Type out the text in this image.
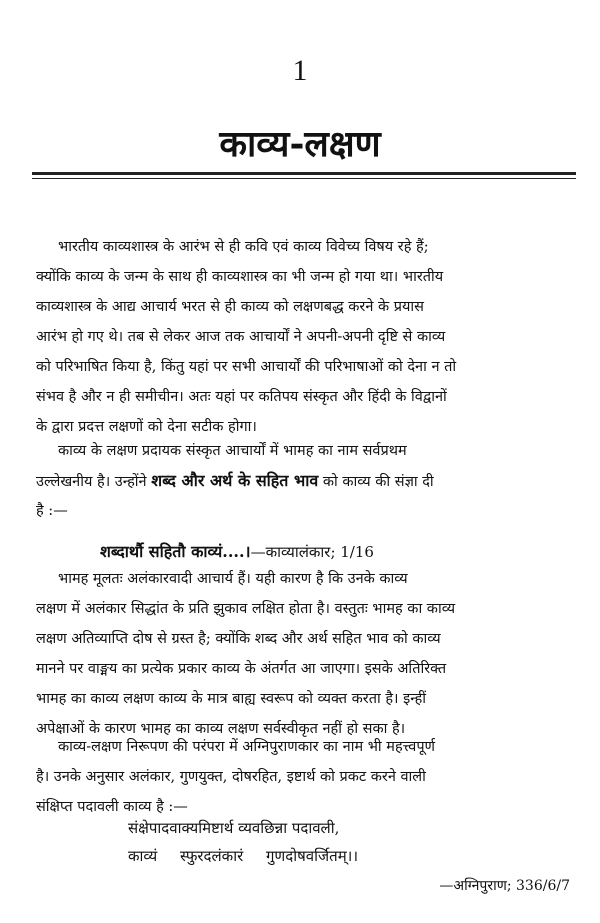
1
काव्य-लक्षण
भारतीय काव्यशास्त्र के आरंभ से ही कवि एवं काव्य विवेच्य विषय रहे हैं;
क्योंकि काव्य के जन्म के साथ ही काव्यशास्त्र का भी जन्म हो गया था। भारतीय
काव्यशास्त्र के आद्य आचार्य भरत से ही काव्य को लक्षणबद्ध करने के प्रयास
आरंभ हो गए थे। तब से लेकर आज तक आचार्यों ने अपनी-अपनी दृष्टि से काव्य
को परिभाषित किया है, किंतु यहां पर सभी आचार्यों की परिभाषाओं को देना न तो
संभव है और न ही समीचीन। अतः यहां पर कतिपय संस्कृत और हिंदी के विद्वानों
के द्वारा प्रदत्त लक्षणों को देना सटीक होगा।
काव्य के लक्षण प्रदायक संस्कृत आचार्यों में भामह का नाम सर्वप्रथम
उल्लेखनीय है। उन्होंने शब्द और अर्थ के सहित भाव को काव्य की संज्ञा दी
है :—
शब्दार्थौ सहितौ काव्यं....।—काव्यालंकार; 1/16
भामह मूलतः अलंकारवादी आचार्य हैं। यही कारण है कि उनके काव्य
लक्षण में अलंकार सिद्धांत के प्रति झुकाव लक्षित होता है। वस्तुतः भामह का काव्य
लक्षण अतिव्याप्ति दोष से ग्रस्त है; क्योंकि शब्द और अर्थ सहित भाव को काव्य
मानने पर वाङ्मय का प्रत्येक प्रकार काव्य के अंतर्गत आ जाएगा। इसके अतिरिक्त
भामह का काव्य लक्षण काव्य के मात्र बाह्य स्वरूप को व्यक्त करता है। इन्हीं
अपेक्षाओं के कारण भामह का काव्य लक्षण सर्वस्वीकृत नहीं हो सका है।
काव्य-लक्षण निरूपण की परंपरा में अग्निपुराणकार का नाम भी महत्त्वपूर्ण
है। उनके अनुसार अलंकार, गुणयुक्त, दोषरहित, इष्टार्थ को प्रकट करने वाली
संक्षिप्त पदावली काव्य है :—
संक्षेपादवाक्यमिष्टार्थ व्यवछिन्ना पदावली,
काव्यं स्फुरदलंकारं गुणदोषवर्जितम्।।
—अग्निपुराण; 336/6/7
